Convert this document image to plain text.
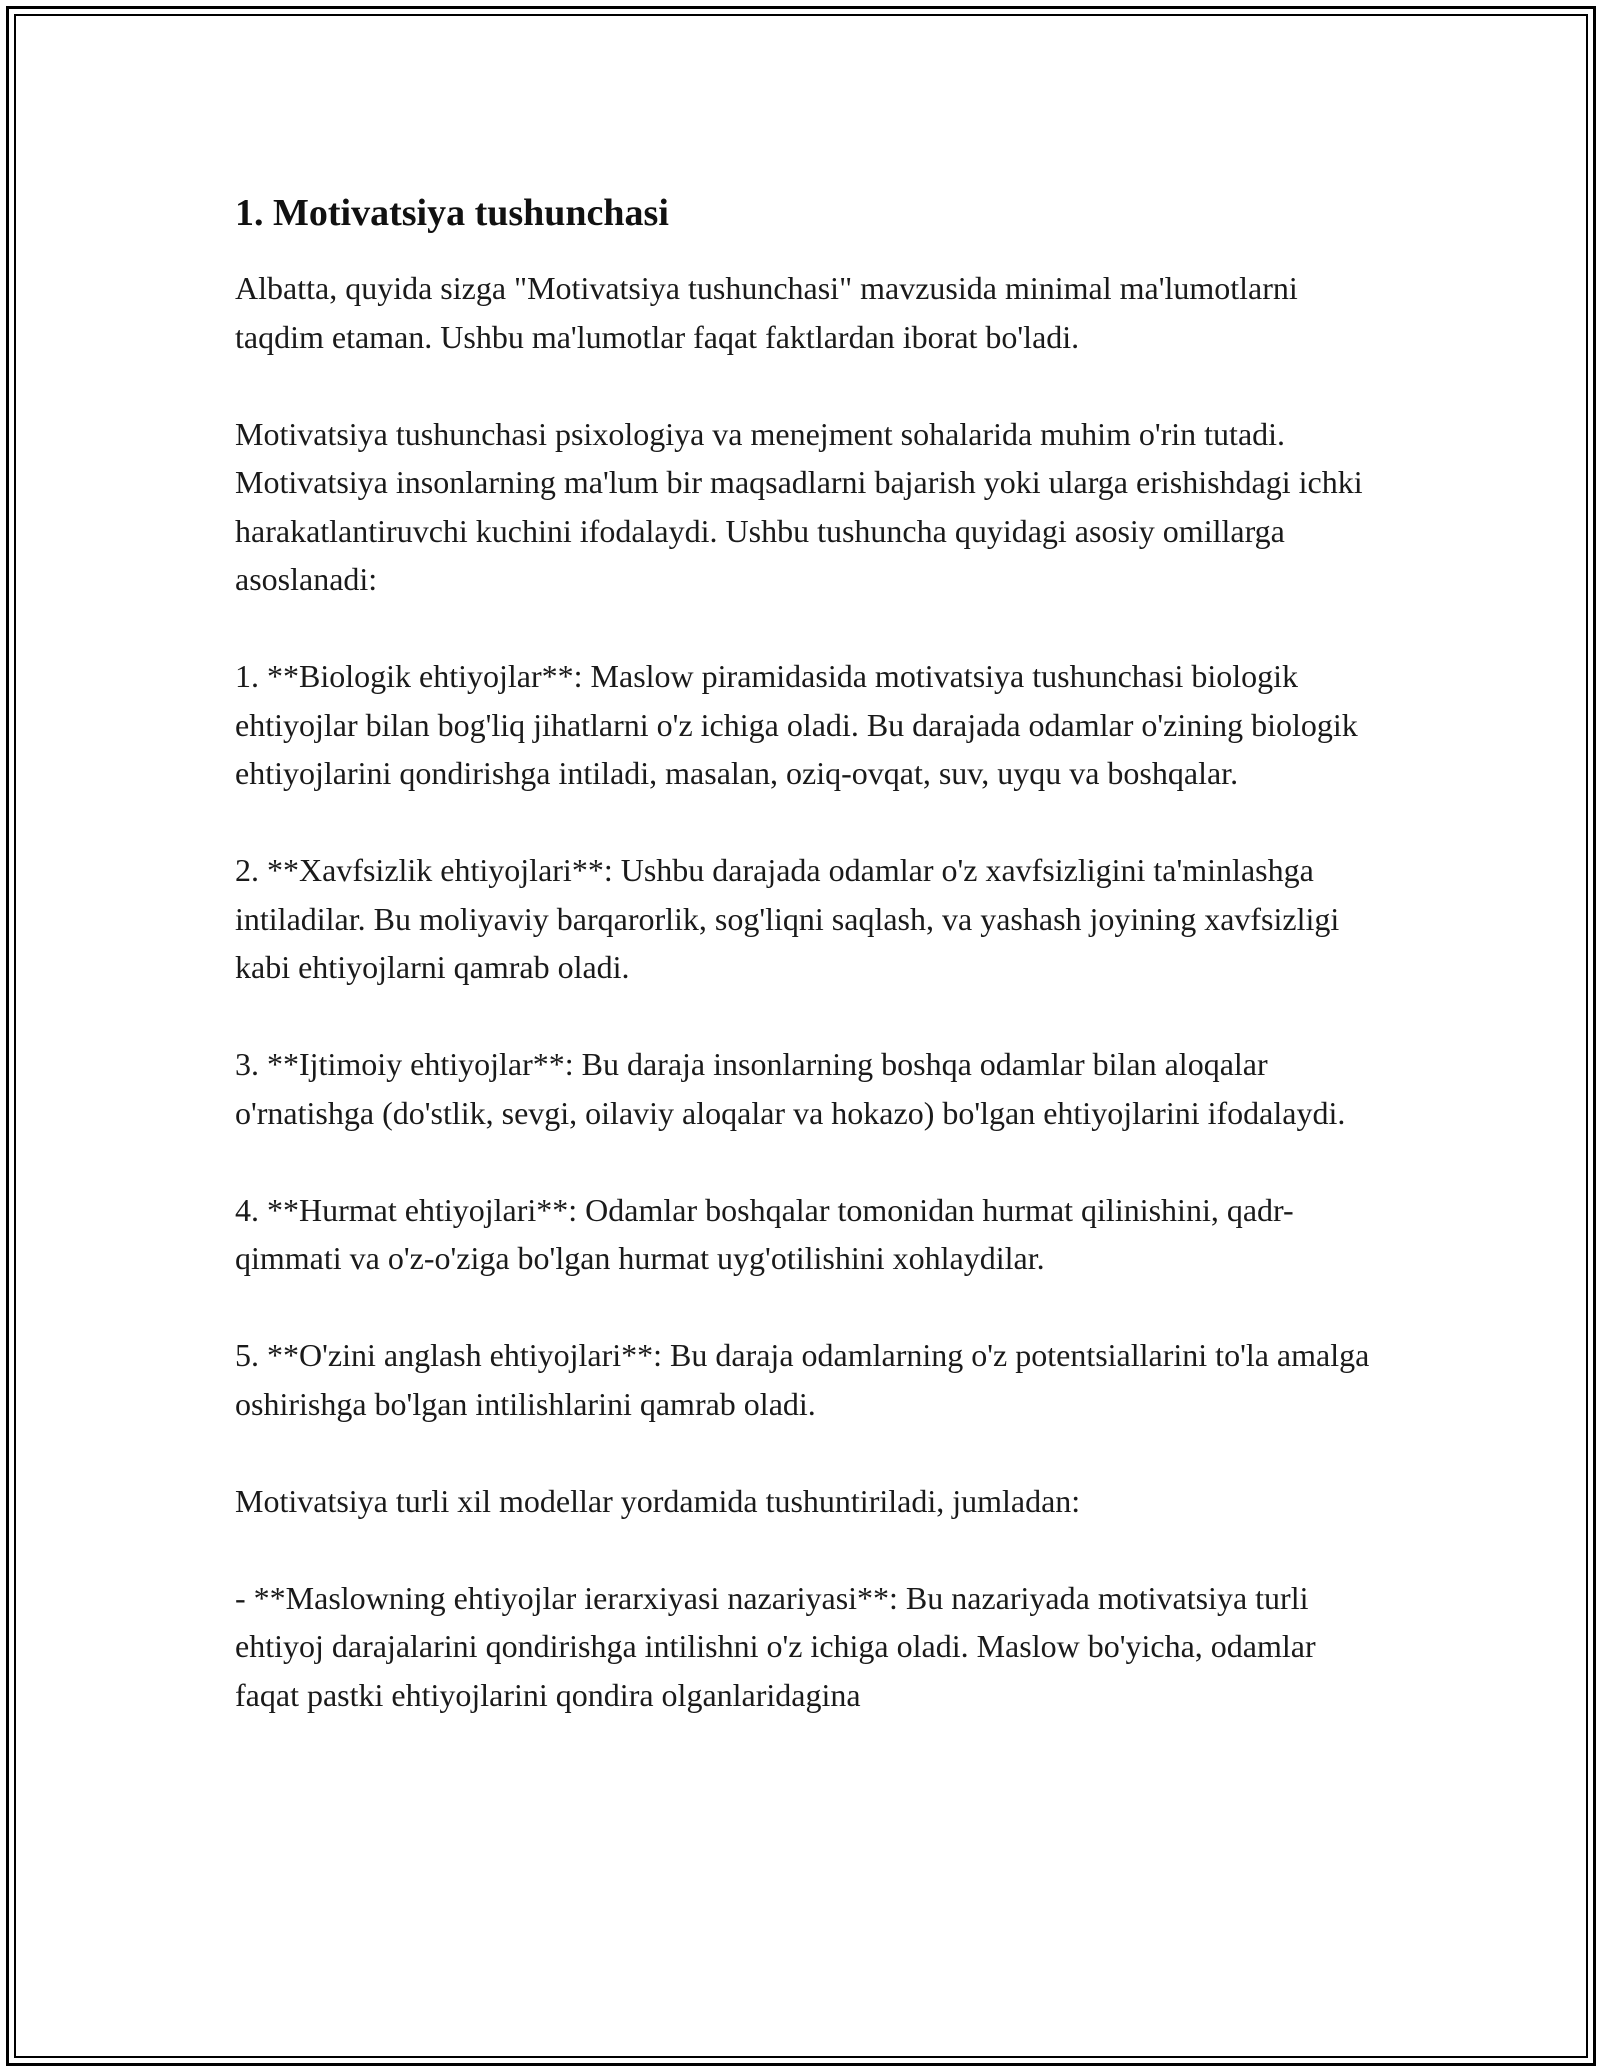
1. Motivatsiya tushunchasi

Albatta, quyida sizga "Motivatsiya tushunchasi" mavzusida minimal ma'lumotlarni taqdim etaman. Ushbu ma'lumotlar faqat faktlardan iborat bo'ladi.

Motivatsiya tushunchasi psixologiya va menejment sohalarida muhim o'rin tutadi. Motivatsiya insonlarning ma'lum bir maqsadlarni bajarish yoki ularga erishishdagi ichki harakatlantiruvchi kuchini ifodalaydi. Ushbu tushuncha quyidagi asosiy omillarga asoslanadi:

1. **Biologik ehtiyojlar**: Maslow piramidasida motivatsiya tushunchasi biologik ehtiyojlar bilan bog'liq jihatlarni o'z ichiga oladi. Bu darajada odamlar o'zining biologik ehtiyojlarini qondirishga intiladi, masalan, oziq-ovqat, suv, uyqu va boshqalar.

2. **Xavfsizlik ehtiyojlari**: Ushbu darajada odamlar o'z xavfsizligini ta'minlashga intiladilar. Bu moliyaviy barqarorlik, sog'liqni saqlash, va yashash joyining xavfsizligi kabi ehtiyojlarni qamrab oladi.

3. **Ijtimoiy ehtiyojlar**: Bu daraja insonlarning boshqa odamlar bilan aloqalar o'rnatishga (do'stlik, sevgi, oilaviy aloqalar va hokazo) bo'lgan ehtiyojlarini ifodalaydi.

4. **Hurmat ehtiyojlari**: Odamlar boshqalar tomonidan hurmat qilinishini, qadr-qimmati va o'z-o'ziga bo'lgan hurmat uyg'otilishini xohlaydilar.

5. **O'zini anglash ehtiyojlari**: Bu daraja odamlarning o'z potentsiallarini to'la amalga oshirishga bo'lgan intilishlarini qamrab oladi.

Motivatsiya turli xil modellar yordamida tushuntiriladi, jumladan:

- **Maslowning ehtiyojlar ierarxiyasi nazariyasi**: Bu nazariyada motivatsiya turli ehtiyoj darajalarini qondirishga intilishni o'z ichiga oladi. Maslow bo'yicha, odamlar faqat pastki ehtiyojlarini qondira olganlaridagina
